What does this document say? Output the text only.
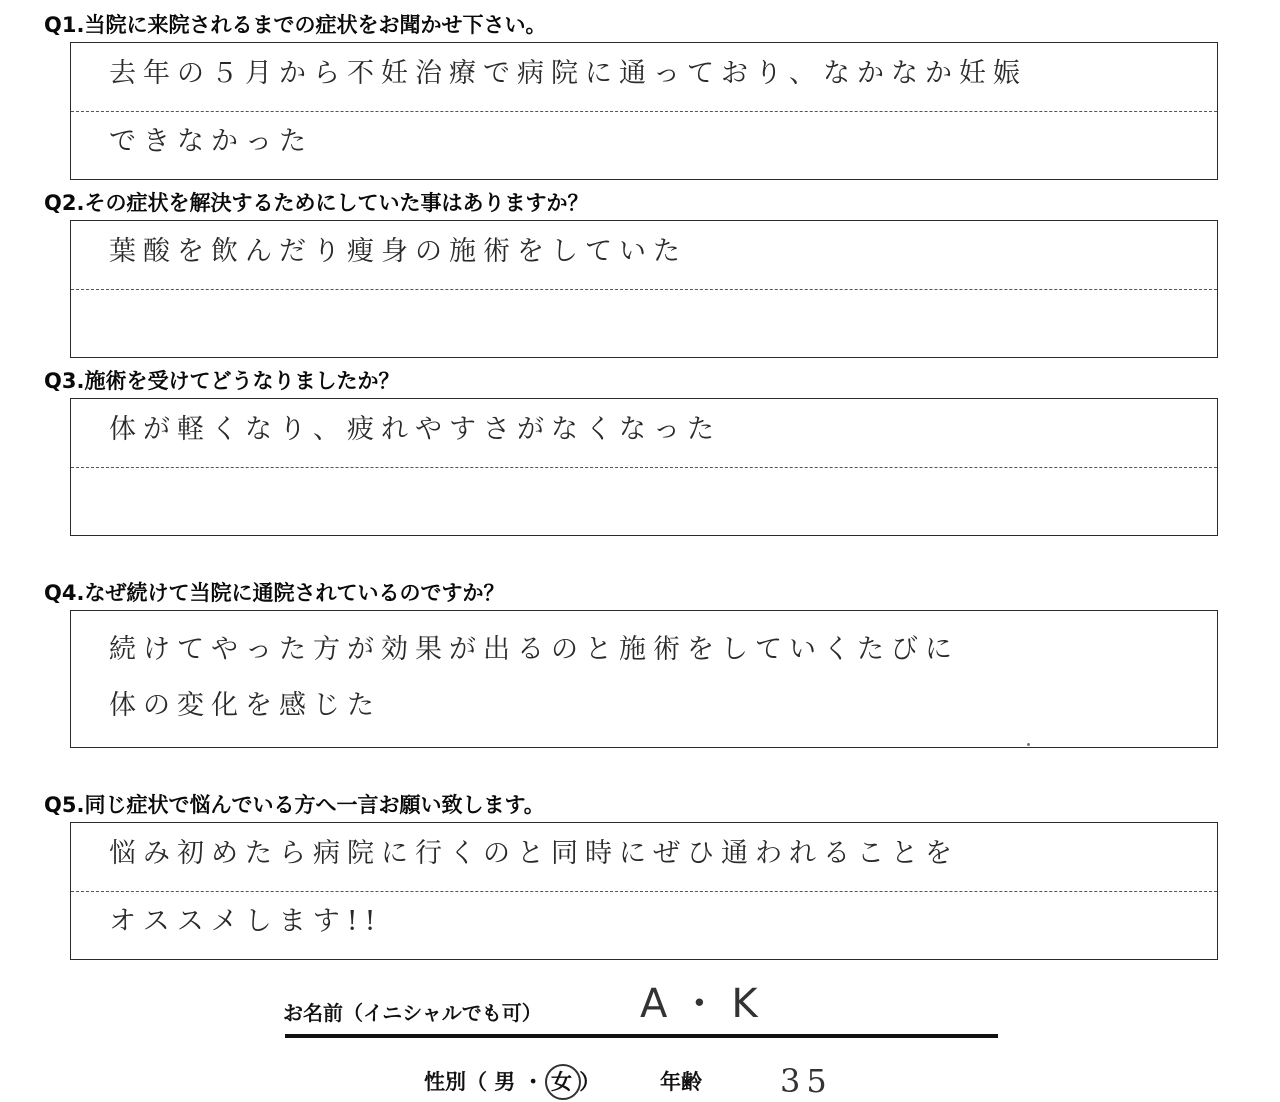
Q1.当院に来院されるまでの症状をお聞かせ下さい。
去年の５月から不妊治療で病院に通っており、なかなか妊娠
できなかった
Q2.その症状を解決するためにしていた事はありますか？
葉酸を飲んだり瘦身の施術をしていた
Q3.施術を受けてどうなりましたか？
体が軽くなり、疲れやすさがなくなった
Q4.なぜ続けて当院に通院されているのですか？
続けてやった方が効果が出るのと施術をしていくたびに
体の変化を感じた
Q5.同じ症状で悩んでいる方へ一言お願い致します。
悩み初めたら病院に行くのと同時にぜひ通われることを
オススメします!!
お名前（イニシャルでも可） A・K
性別（ 男 ・ 女 ）	年齢 35
